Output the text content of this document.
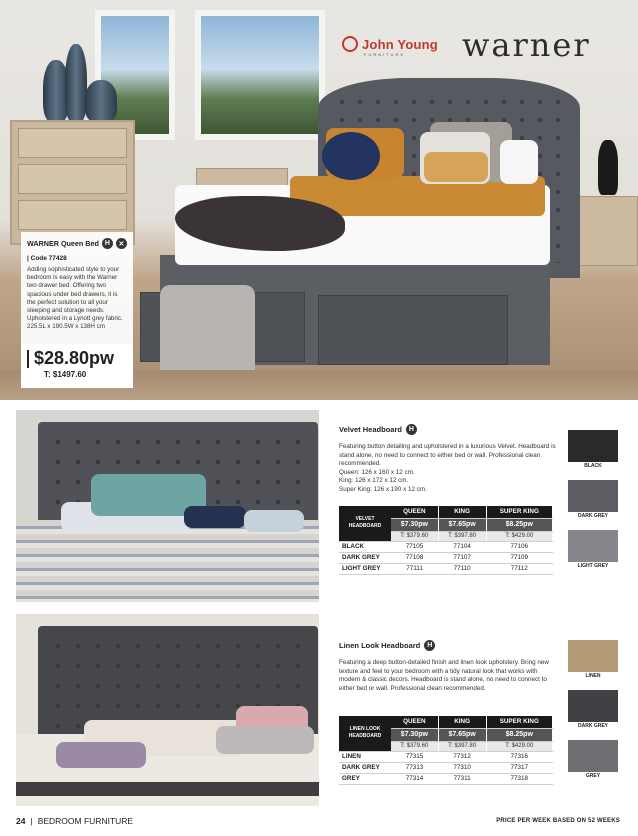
John Young
FURNITURE warner
WARNER Queen Bed H	✕
| Code 77428
Adding sophisticated style to your bedroom is easy with the Warner two drawer bed. Offering two spacious under bed drawers, it is the perfect solution to all your sleeping and storage needs. Upholstered in a Lynott grey fabric.
225.5L x 190.5W x 138H cm
$28.80pw
T: $1497.60
Velvet Headboard H
Featuring button detailing and upholstered in a luxurious Velvet. Headboard is stand alone, no need to connect to either bed or wall. Professional clean recommended.
Queen: 126 x 160 x 12 cm.
King: 126 x 172 x 12 cm.
Super King: 126 x 190 x 12 cm.
VELVET HEADBOARD	QUEEN	KING	SUPER KING
	$7.30pw	$7.65pw	$8.25pw
	T: $379.60	T: $397.80	T: $429.00
BLACK	77105	77104	77106
DARK GREY	77108	77107	77109
LIGHT GREY	77111	77110	77112
BLACK
DARK GREY
LIGHT GREY
Linen Look Headboard H
Featuring a deep button-detailed finish and linen look upholstery. Bring new texture and feel to your bedroom with a tidy natural look that works with modern & classic decors. Headboard is stand alone, no need to connect to either bed or wall. Professional clean recommended.
LINEN LOOK HEADBOARD	QUEEN	KING	SUPER KING
	$7.30pw	$7.65pw	$8.25pw
	T: $379.60	T: $397.80	T: $429.00
LINEN	77315	77312	77316
DARK GREY	77313	77310	77317
GREY	77314	77311	77318
LINEN
DARK GREY
GREY
24 | BEDROOM FURNITURE	PRICE PER WEEK BASED ON 52 WEEKS
